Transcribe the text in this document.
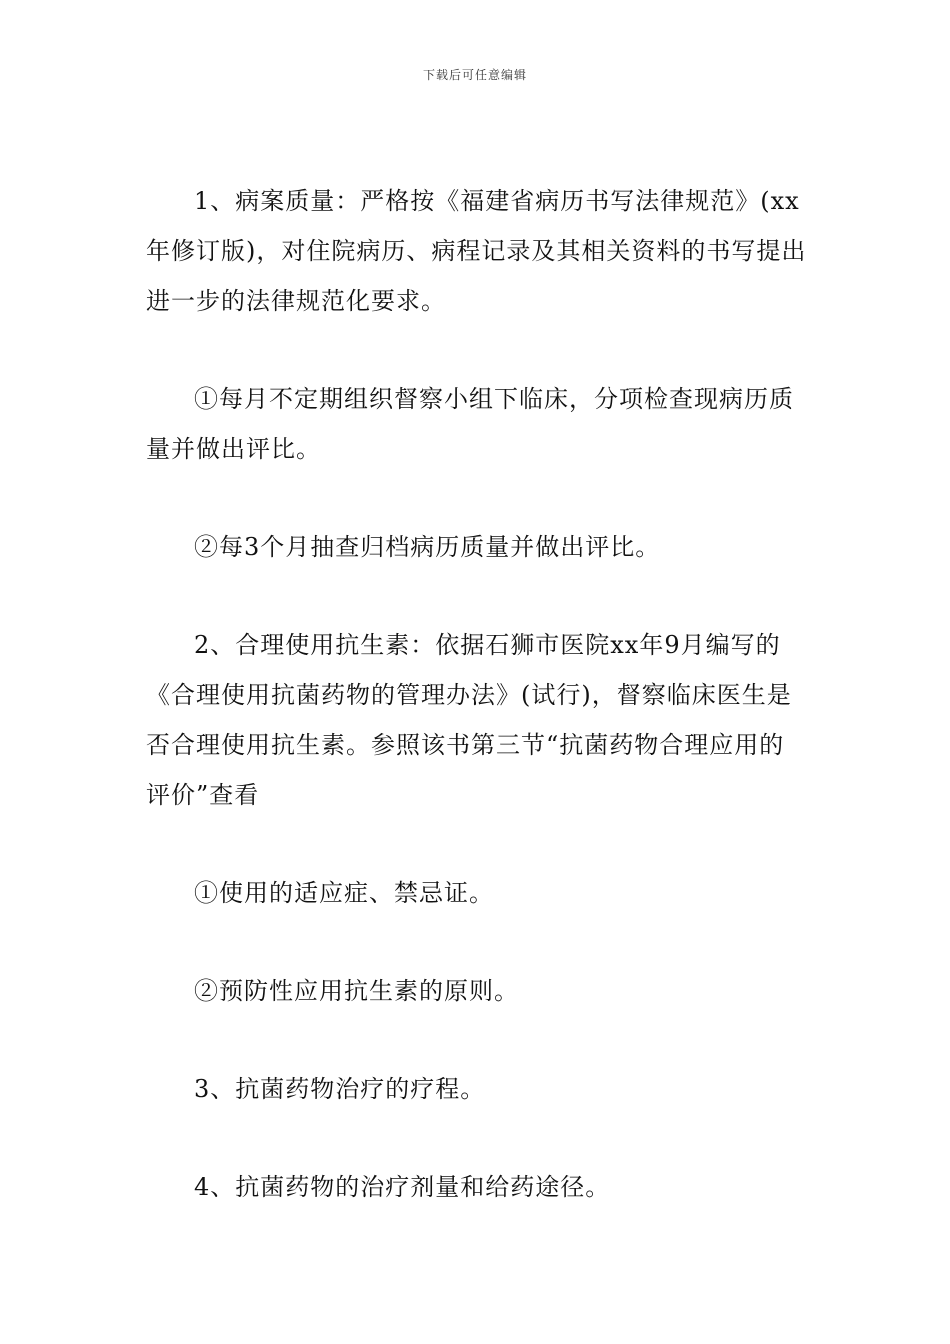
下载后可任意编辑

1、病案质量：严格按《福建省病历书写法律规范》(xx年修订版)，对住院病历、病程记录及其相关资料的书写提出进一步的法律规范化要求。

①每月不定期组织督察小组下临床，分项检查现病历质量并做出评比。

②每3个月抽查归档病历质量并做出评比。

2、合理使用抗生素：依据石狮市医院xx年9月编写的《合理使用抗菌药物的管理办法》(试行)，督察临床医生是否合理使用抗生素。参照该书第三节“抗菌药物合理应用的评价”查看

①使用的适应症、禁忌证。

②预防性应用抗生素的原则。

3、抗菌药物治疗的疗程。

4、抗菌药物的治疗剂量和给药途径。
